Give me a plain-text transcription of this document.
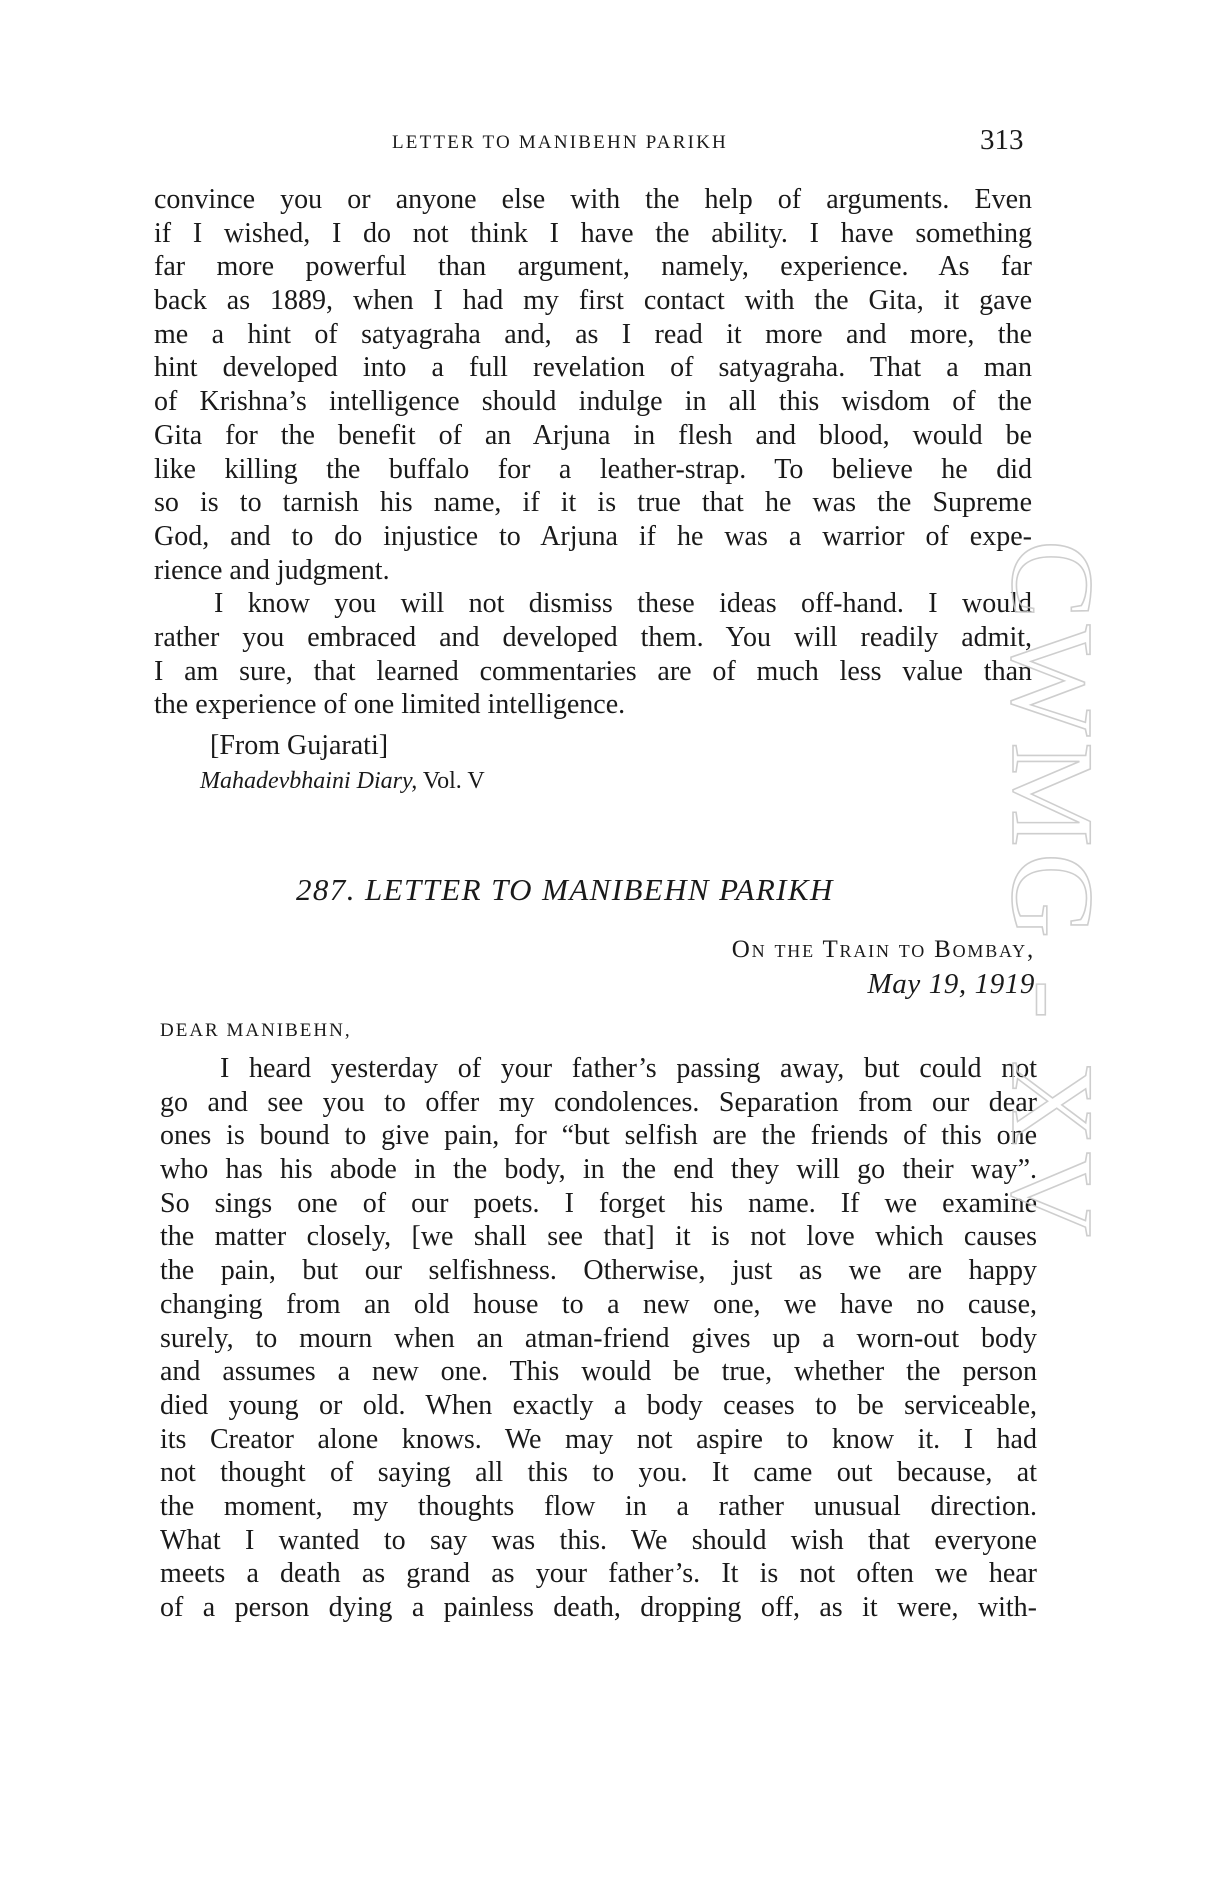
LETTER TO MANIBEHN PARIKH	313
convince you or anyone else with the help of arguments. Even
if I wished, I do not think I have the ability. I have something
far more powerful than argument, namely, experience. As far
back as 1889, when I had my first contact with the Gita, it gave
me a hint of satyagraha and, as I read it more and more, the
hint developed into a full revelation of satyagraha. That a man
of Krishna’s intelligence should indulge in all this wisdom of the
Gita for the benefit of an Arjuna in flesh and blood, would be
like killing the buffalo for a leather-strap. To believe he did
so is to tarnish his name, if it is true that he was the Supreme
God, and to do injustice to Arjuna if he was a warrior of expe-
rience and judgment.
I know you will not dismiss these ideas off-hand. I would
rather you embraced and developed them. You will readily admit,
I am sure, that learned commentaries are of much less value than
the experience of one limited intelligence.
[From Gujarati]
Mahadevbhaini Diary, Vol. V
287. LETTER TO MANIBEHN PARIKH
On the Train to Bombay,
May 19, 1919
DEAR MANIBEHN,
I heard yesterday of your father’s passing away, but could not
go and see you to offer my condolences. Separation from our dear
ones is bound to give pain, for “but selfish are the friends of this one
who has his abode in the body, in the end they will go their way”.
So sings one of our poets. I forget his name. If we examine
the matter closely, [we shall see that] it is not love which causes
the pain, but our selfishness. Otherwise, just as we are happy
changing from an old house to a new one, we have no cause,
surely, to mourn when an atman-friend gives up a worn-out body
and assumes a new one. This would be true, whether the person
died young or old. When exactly a body ceases to be serviceable,
its Creator alone knows. We may not aspire to know it. I had
not thought of saying all this to you. It came out because, at
the moment, my thoughts flow in a rather unusual direction.
What I wanted to say was this. We should wish that everyone
meets a death as grand as your father’s. It is not often we hear
of a person dying a painless death, dropping off, as it were, with-
CWMG - XV
